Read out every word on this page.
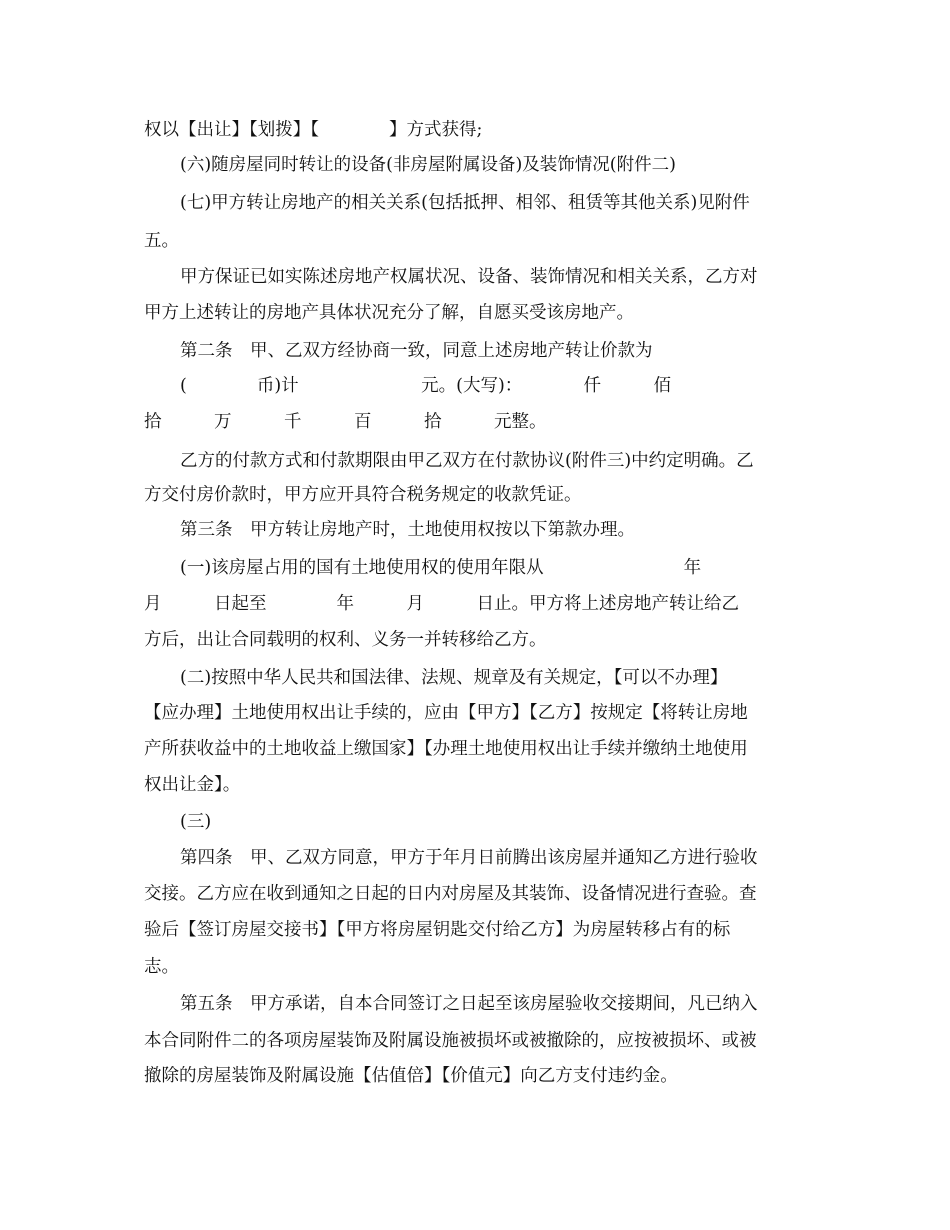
权以【出让】【划拨】【　　　　】方式获得;
(六)随房屋同时转让的设备(非房屋附属设备)及装饰情况(附件二)
(七)甲方转让房地产的相关关系(包括抵押、相邻、租赁等其他关系)见附件
五。
甲方保证已如实陈述房地产权属状况、设备、装饰情况和相关关系，乙方对
甲方上述转让的房地产具体状况充分了解，自愿买受该房地产。
第二条　甲、乙双方经协商一致，同意上述房地产转让价款为
(　　　　币)计　　　　　　　元。(大写)：　　　　仟　　　佰
拾　　　万　　　千　　　百　　　拾　　　元整。
乙方的付款方式和付款期限由甲乙双方在付款协议(附件三)中约定明确。乙
方交付房价款时，甲方应开具符合税务规定的收款凭证。
第三条　甲方转让房地产时，土地使用权按以下第款办理。
(一)该房屋占用的国有土地使用权的使用年限从　　　　　　　　年
月　　　日起至　　　　年　　　月　　　日止。甲方将上述房地产转让给乙
方后，出让合同载明的权利、义务一并转移给乙方。
(二)按照中华人民共和国法律、法规、规章及有关规定，【可以不办理】
【应办理】土地使用权出让手续的，应由【甲方】【乙方】按规定【将转让房地
产所获收益中的土地收益上缴国家】【办理土地使用权出让手续并缴纳土地使用
权出让金】。
(三)
第四条　甲、乙双方同意，甲方于年月日前腾出该房屋并通知乙方进行验收
交接。乙方应在收到通知之日起的日内对房屋及其装饰、设备情况进行查验。查
验后【签订房屋交接书】【甲方将房屋钥匙交付给乙方】为房屋转移占有的标
志。
第五条　甲方承诺，自本合同签订之日起至该房屋验收交接期间，凡已纳入
本合同附件二的各项房屋装饰及附属设施被损坏或被撤除的，应按被损坏、或被
撤除的房屋装饰及附属设施【估值倍】【价值元】向乙方支付违约金。
